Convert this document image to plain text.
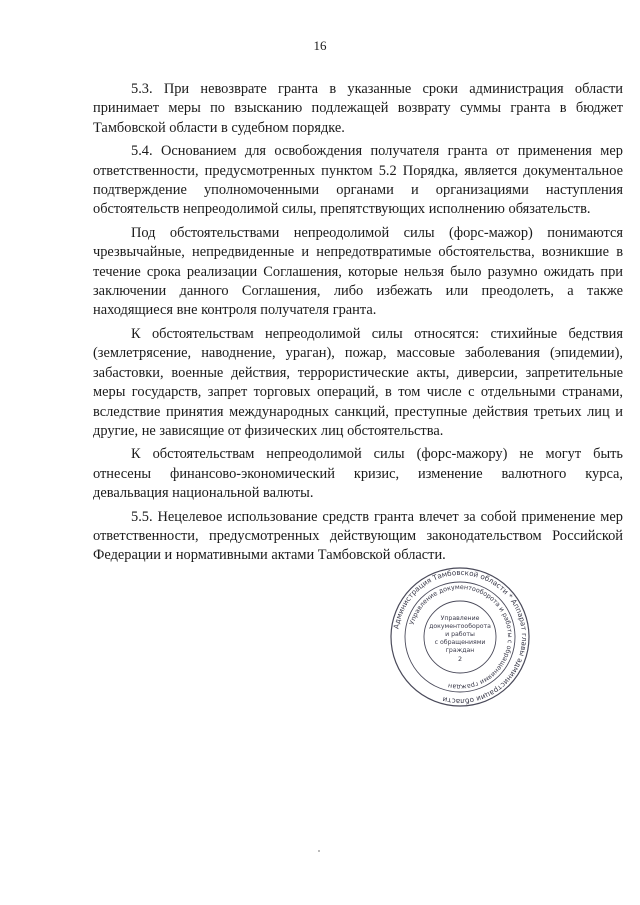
16

5.3. При невозврате гранта в указанные сроки администрация области принимает меры по взысканию подлежащей возврату суммы гранта в бюджет Тамбовской области в судебном порядке.

5.4. Основанием для освобождения получателя гранта от применения мер ответственности, предусмотренных пунктом 5.2 Порядка, является документальное подтверждение уполномоченными органами и организациями наступления обстоятельств непреодолимой силы, препятствующих исполнению обязательств.

Под обстоятельствами непреодолимой силы (форс-мажор) понимаются чрезвычайные, непредвиденные и непредотвратимые обстоятельства, возникшие в течение срока реализации Соглашения, которые нельзя было разумно ожидать при заключении данного Соглашения, либо избежать или преодолеть, а также находящиеся вне контроля получателя гранта.

К обстоятельствам непреодолимой силы относятся: стихийные бедствия (землетрясение, наводнение, ураган), пожар, массовые заболевания (эпидемии), забастовки, военные действия, террористические акты, диверсии, запретительные меры государств, запрет торговых операций, в том числе с отдельными странами, вследствие принятия международных санкций, преступные действия третьих лиц и другие, не зависящие от физических лиц обстоятельства.

К обстоятельствам непреодолимой силы (форс-мажору) не могут быть отнесены финансово-экономический кризис, изменение валютного курса, девальвация национальной валюты.

5.5. Нецелевое использование средств гранта влечет за собой применение мер ответственности, предусмотренных действующим законодательством Российской Федерации и нормативными актами Тамбовской области.

Администрация Тамбовской области * Аппарат главы администрации области
Управление документооборота и работы с обращениями граждан
Управление
документооборота
и работы
с обращениями
граждан
2
